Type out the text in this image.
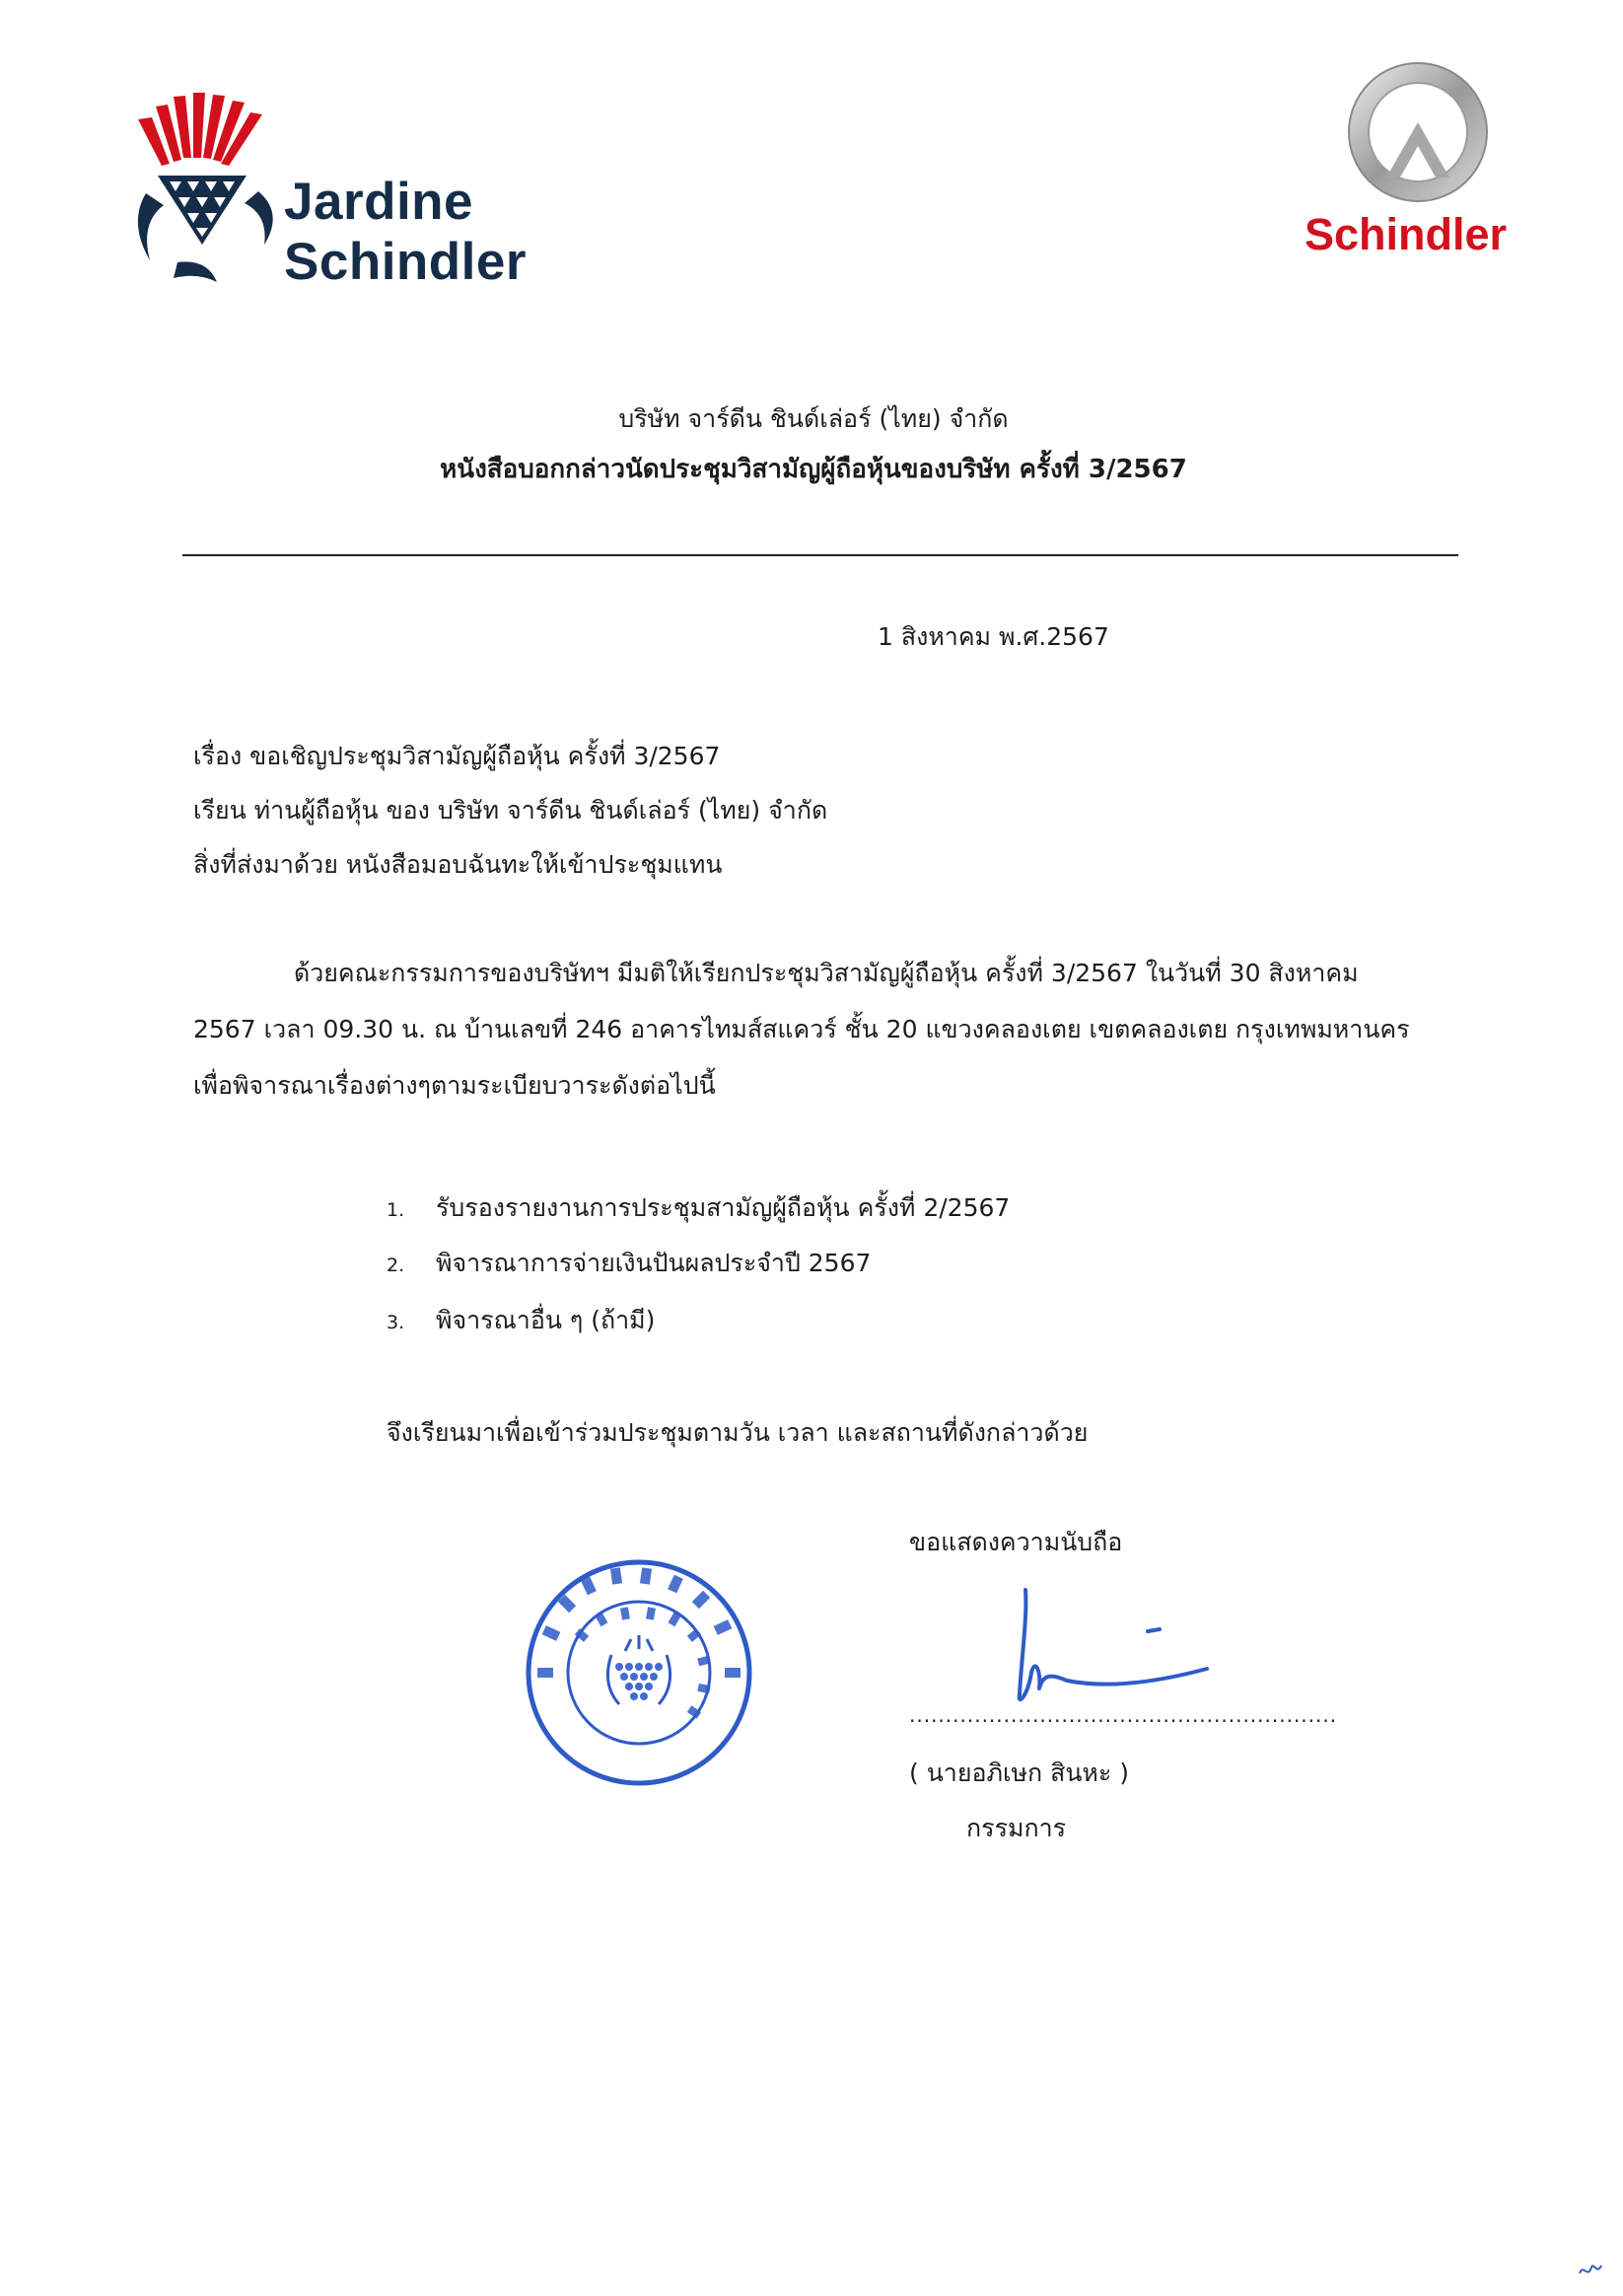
Jardine Schindler	Schindler
บริษัท จาร์ดีน ชินด์เล่อร์ (ไทย) จำกัด
หนังสือบอกกล่าวนัดประชุมวิสามัญผู้ถือหุ้นของบริษัท ครั้งที่ 3/2567
1 สิงหาคม พ.ศ.2567
เรื่อง ขอเชิญประชุมวิสามัญผู้ถือหุ้น ครั้งที่ 3/2567
เรียน ท่านผู้ถือหุ้น ของ บริษัท จาร์ดีน ชินด์เล่อร์ (ไทย) จำกัด
สิ่งที่ส่งมาด้วย หนังสือมอบฉันทะให้เข้าประชุมแทน
ด้วยคณะกรรมการของบริษัทฯ มีมติให้เรียกประชุมวิสามัญผู้ถือหุ้น ครั้งที่ 3/2567 ในวันที่ 30 สิงหาคม
2567 เวลา 09.30 น. ณ บ้านเลขที่ 246 อาคารไทมส์สแควร์ ชั้น 20 แขวงคลองเตย เขตคลองเตย กรุงเทพมหานคร
เพื่อพิจารณาเรื่องต่างๆตามระเบียบวาระดังต่อไปนี้
1. รับรองรายงานการประชุมสามัญผู้ถือหุ้น ครั้งที่ 2/2567
2. พิจารณาการจ่ายเงินปันผลประจำปี 2567
3. พิจารณาอื่น ๆ (ถ้ามี)
จึงเรียนมาเพื่อเข้าร่วมประชุมตามวัน เวลา และสถานที่ดังกล่าวด้วย
ขอแสดงความนับถือ
...........................................................
( นายอภิเษก สินหะ )
กรรมการ
